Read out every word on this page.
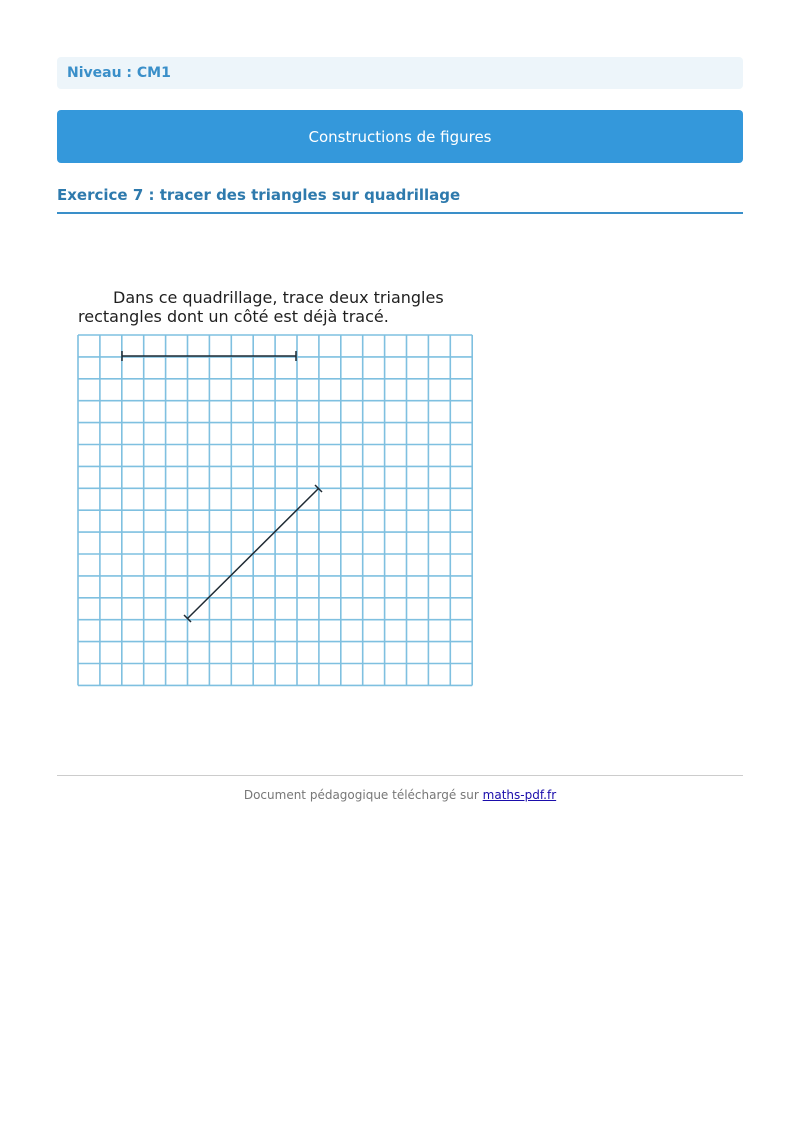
Niveau : CM1
Constructions de figures
Exercice 7 : tracer des triangles sur quadrillage
Dans ce quadrillage, trace deux triangles
rectangles dont un côté est déjà tracé.
Document pédagogique téléchargé sur maths-pdf.fr
